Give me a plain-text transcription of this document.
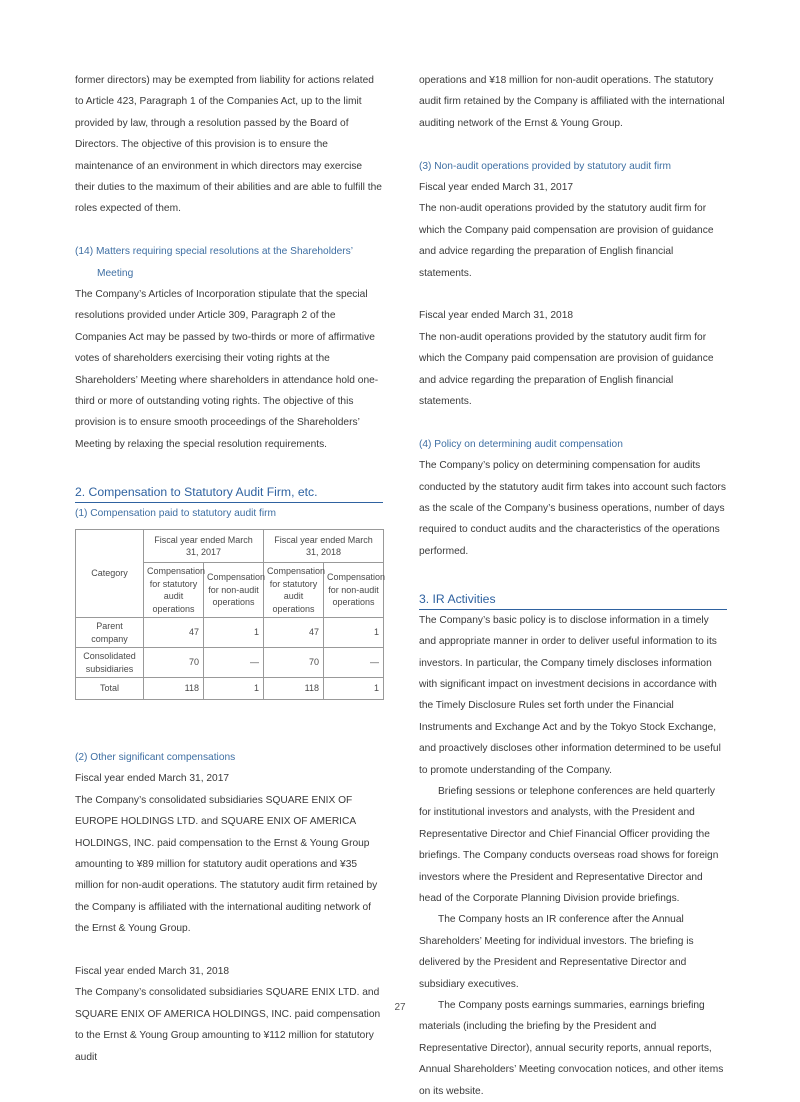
former directors) may be exempted from liability for actions related to Article 423, Paragraph 1 of the Companies Act, up to the limit provided by law, through a resolution passed by the Board of Directors. The objective of this provision is to ensure the maintenance of an environment in which directors may exercise their duties to the maximum of their abilities and are able to fulfill the roles expected of them.

(14) Matters requiring special resolutions at the Shareholders’

Meeting

The Company’s Articles of Incorporation stipulate that the special resolutions provided under Article 309, Paragraph 2 of the Companies Act may be passed by two-thirds or more of affirmative votes of shareholders exercising their voting rights at the Shareholders’ Meeting where shareholders in attendance hold one-third or more of outstanding voting rights. The objective of this provision is to ensure smooth proceedings of the Shareholders’ Meeting by relaxing the special resolution requirements.

2. Compensation to Statutory Audit Firm, etc.

(1) Compensation paid to statutory audit firm

Category	Fiscal year ended March 31, 2017		Fiscal year ended March 31, 2018	
	Compensation for statutory audit operations	Compensation for non-audit operations	Compensation for statutory audit operations	Compensation for non-audit operations
Parent company	47	1	47	1
Consolidated subsidiaries	70	—	70	—
Total	118	1	118	1

(2) Other significant compensations

Fiscal year ended March 31, 2017

The Company’s consolidated subsidiaries SQUARE ENIX OF EUROPE HOLDINGS LTD. and SQUARE ENIX OF AMERICA HOLDINGS, INC. paid compensation to the Ernst & Young Group amounting to ¥89 million for statutory audit operations and ¥35 million for non-audit operations. The statutory audit firm retained by the Company is affiliated with the international auditing network of the Ernst & Young Group.

Fiscal year ended March 31, 2018

The Company’s consolidated subsidiaries SQUARE ENIX LTD. and SQUARE ENIX OF AMERICA HOLDINGS, INC. paid compensation to the Ernst & Young Group amounting to ¥112 million for statutory audit

operations and ¥18 million for non-audit operations. The statutory audit firm retained by the Company is affiliated with the international auditing network of the Ernst & Young Group.

(3) Non-audit operations provided by statutory audit firm

Fiscal year ended March 31, 2017

The non-audit operations provided by the statutory audit firm for which the Company paid compensation are provision of guidance and advice regarding the preparation of English financial statements.

Fiscal year ended March 31, 2018

The non-audit operations provided by the statutory audit firm for which the Company paid compensation are provision of guidance and advice regarding the preparation of English financial statements.

(4) Policy on determining audit compensation

The Company’s policy on determining compensation for audits conducted by the statutory audit firm takes into account such factors as the scale of the Company’s business operations, number of days required to conduct audits and the characteristics of the operations performed.

3. IR Activities

The Company’s basic policy is to disclose information in a timely and appropriate manner in order to deliver useful information to its investors. In particular, the Company timely discloses information with significant impact on investment decisions in accordance with the Timely Disclosure Rules set forth under the Financial Instruments and Exchange Act and by the Tokyo Stock Exchange, and proactively discloses other information determined to be useful to promote understanding of the Company.

Briefing sessions or telephone conferences are held quarterly for institutional investors and analysts, with the President and Representative Director and Chief Financial Officer providing the briefings. The Company conducts overseas road shows for foreign investors where the President and Representative Director and head of the Corporate Planning Division provide briefings.

The Company hosts an IR conference after the Annual Shareholders’ Meeting for individual investors. The briefing is delivered by the President and Representative Director and subsidiary executives.

The Company posts earnings summaries, earnings briefing materials (including the briefing by the President and Representative Director), annual security reports, annual reports, Annual Shareholders’ Meeting convocation notices, and other items on its website.

27
